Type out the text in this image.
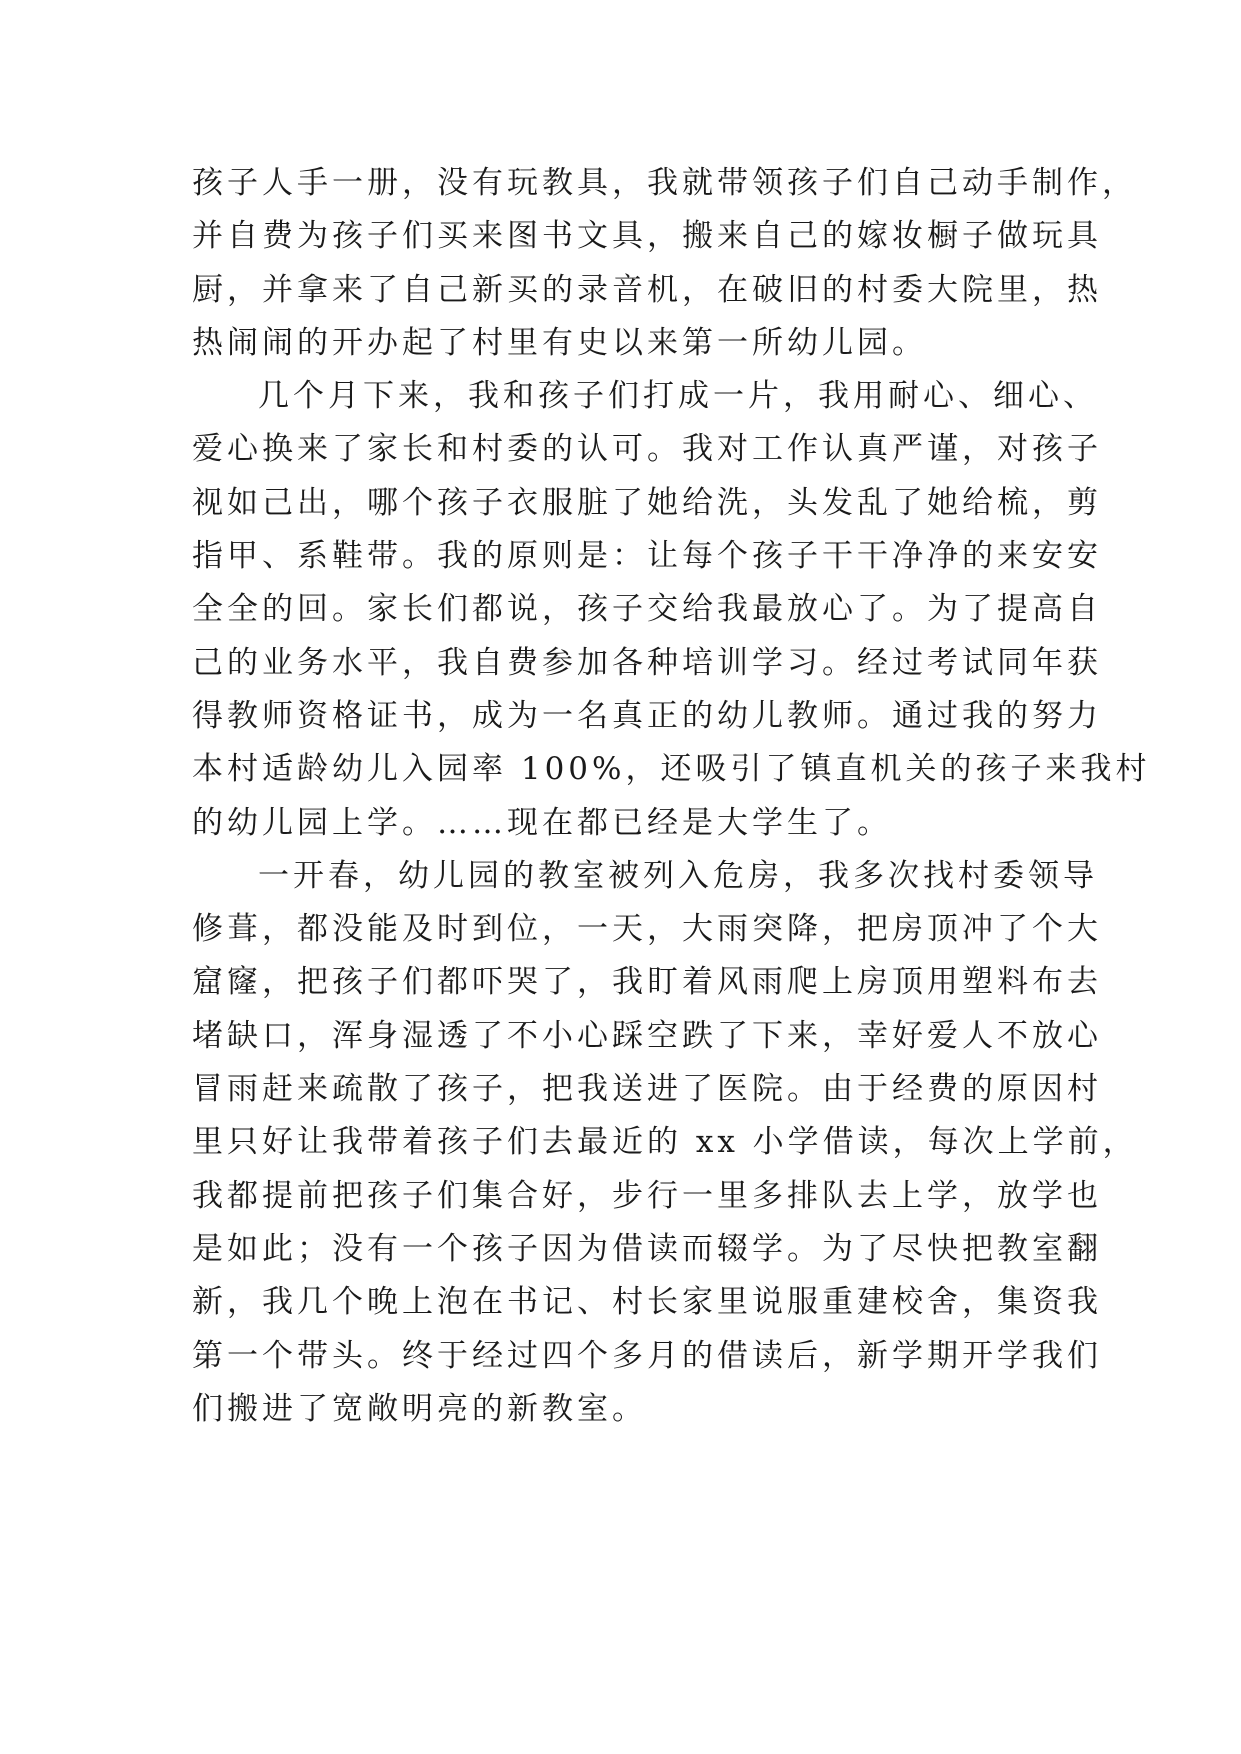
孩子人手一册，没有玩教具，我就带领孩子们自己动手制作，

并自费为孩子们买来图书文具，搬来自己的嫁妆橱子做玩具

厨，并拿来了自己新买的录音机，在破旧的村委大院里，热

热闹闹的开办起了村里有史以来第一所幼儿园。

几个月下来，我和孩子们打成一片，我用耐心、细心、

爱心换来了家长和村委的认可。我对工作认真严谨，对孩子

视如己出，哪个孩子衣服脏了她给洗，头发乱了她给梳，剪

指甲、系鞋带。我的原则是：让每个孩子干干净净的来安安

全全的回。家长们都说，孩子交给我最放心了。为了提高自

己的业务水平，我自费参加各种培训学习。经过考试同年获

得教师资格证书，成为一名真正的幼儿教师。通过我的努力

本村适龄幼儿入园率 100%，还吸引了镇直机关的孩子来我村

的幼儿园上学。……现在都已经是大学生了。

一开春，幼儿园的教室被列入危房，我多次找村委领导

修葺，都没能及时到位，一天，大雨突降，把房顶冲了个大

窟窿，把孩子们都吓哭了，我盯着风雨爬上房顶用塑料布去

堵缺口，浑身湿透了不小心踩空跌了下来，幸好爱人不放心

冒雨赶来疏散了孩子，把我送进了医院。由于经费的原因村

里只好让我带着孩子们去最近的 xx 小学借读，每次上学前，

我都提前把孩子们集合好，步行一里多排队去上学，放学也

是如此；没有一个孩子因为借读而辍学。为了尽快把教室翻

新，我几个晚上泡在书记、村长家里说服重建校舍，集资我

第一个带头。终于经过四个多月的借读后，新学期开学我们

们搬进了宽敞明亮的新教室。
